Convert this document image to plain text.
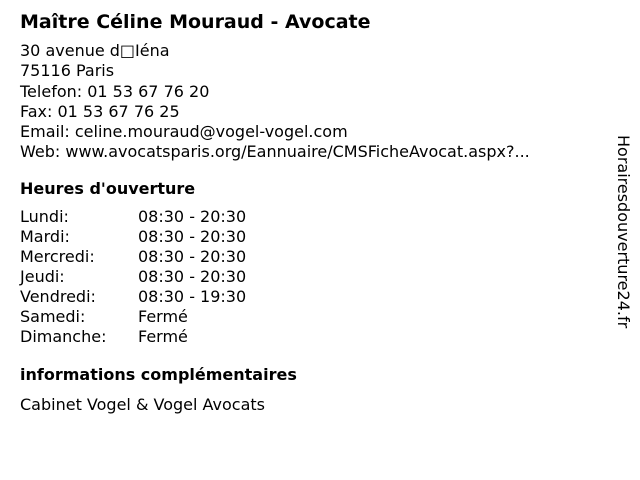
Maître Céline Mouraud - Avocate
30 avenue d□Iéna
75116 Paris
Telefon: 01 53 67 76 20
Fax: 01 53 67 76 25
Email: celine.mouraud@vogel-vogel.com
Web: www.avocatsparis.org/Eannuaire/CMSFicheAvocat.aspx?...
Heures d'ouverture
Lundi:	08:30 - 20:30
Mardi:	08:30 - 20:30
Mercredi:	08:30 - 20:30
Jeudi:	08:30 - 20:30
Vendredi:	08:30 - 19:30
Samedi:	Fermé
Dimanche: Fermé
informations complémentaires
Cabinet Vogel & Vogel Avocats
Horairesdouverture24.fr
